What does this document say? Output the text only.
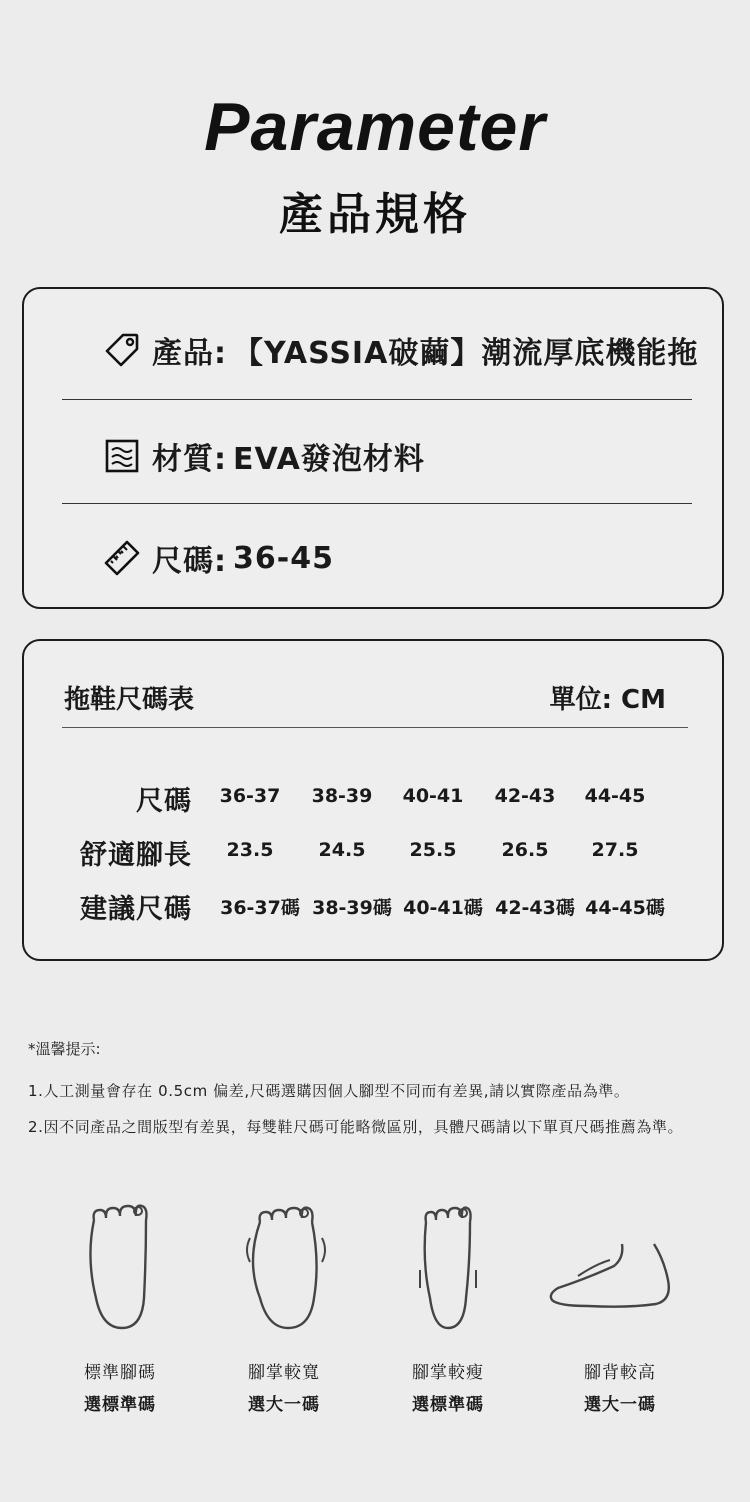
Parameter
產品規格
產品: 【YASSIA破繭】潮流厚底機能拖
材質: EVA發泡材料
尺碼: 36-45
拖鞋尺碼表	單位: CM
尺碼 36-37 38-39 40-41 42-43 44-45
舒適腳長 23.5 24.5 25.5 26.5 27.5
建議尺碼 36-37碼 38-39碼 40-41碼 42-43碼 44-45碼
*溫馨提示:

1.人工測量會存在 0.5cm 偏差,尺碼選購因個人腳型不同而有差異,請以實際產品為準。

2.因不同產品之間版型有差異，每雙鞋尺碼可能略微區別，具體尺碼請以下單頁尺碼推薦為準。

標準腳碼
選標準碼
腳掌較寬
選大一碼
腳掌較瘦
選標準碼
腳背較高
選大一碼
